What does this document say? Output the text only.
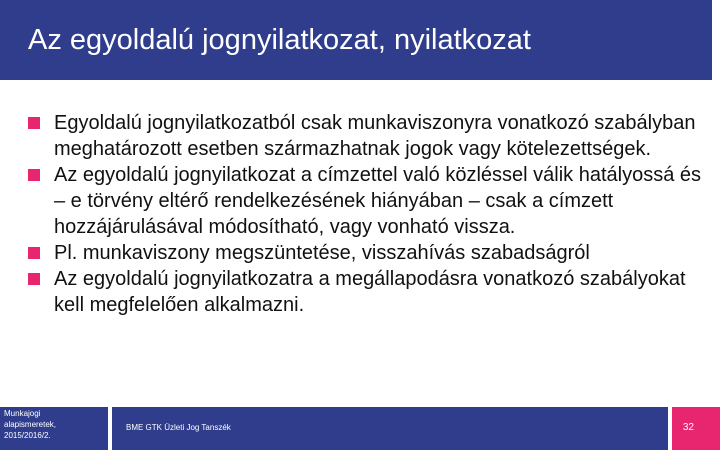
Az egyoldalú jognyilatkozat, nyilatkozat
Egyoldalú jognyilatkozatból csak munkaviszonyra vonatkozó szabályban meghatározott esetben származhatnak jogok vagy kötelezettségek.
Az egyoldalú jognyilatkozat a címzettel való közléssel válik hatályossá és – e törvény eltérő rendelkezésének hiányában – csak a címzett hozzájárulásával módosítható, vagy vonható vissza.
Pl. munkaviszony megszüntetése, visszahívás szabadságról
Az egyoldalú jognyilatkozatra a megállapodásra vonatkozó szabályokat kell megfelelően alkalmazni.
Munkajogi
alapismeretek,
2015/2016/2.
BME GTK Üzleti Jog Tanszék	32
